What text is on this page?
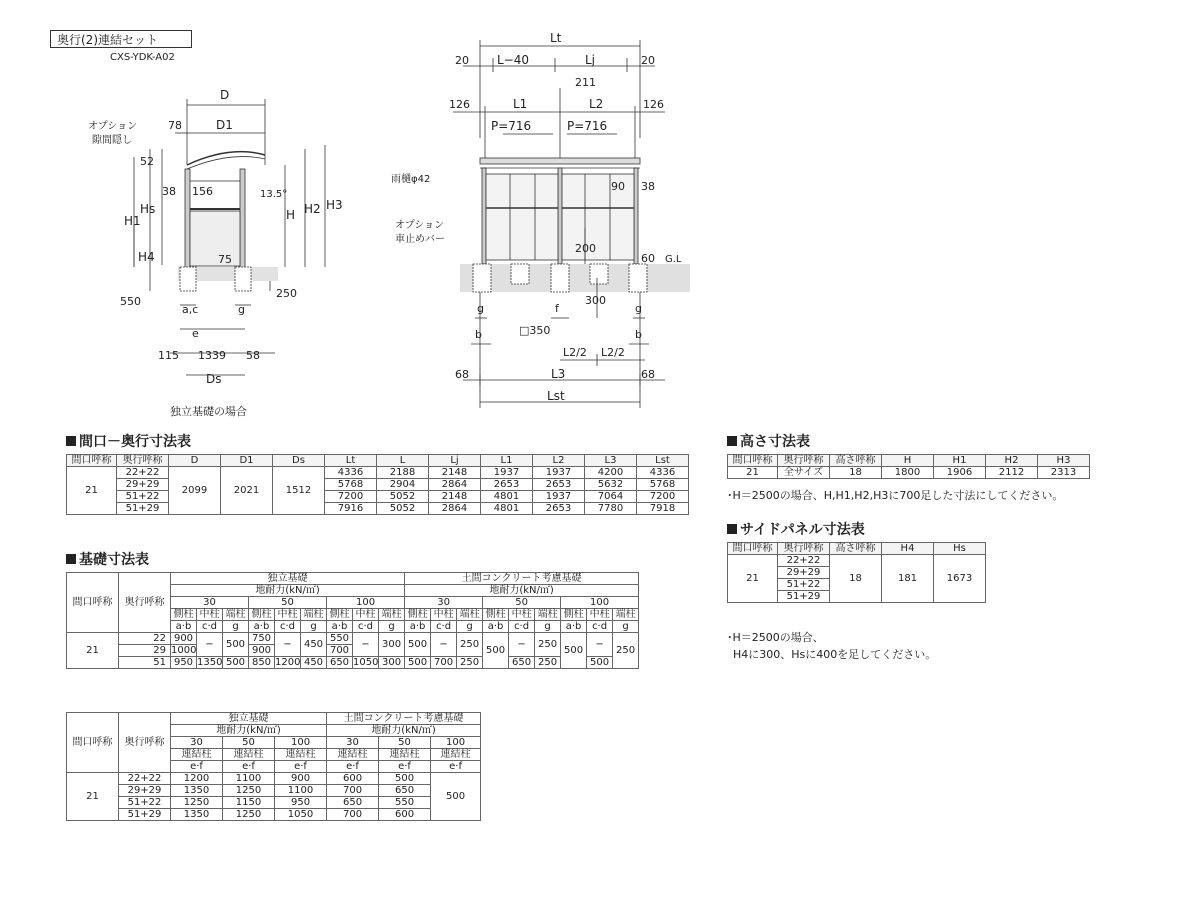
奥行(2)連結セット
CXS-YDK-A02
D
D1
78
オプション
隙間隠し
52
38 156	13.5°
H1
Hs	H H2 H3
H4	75
550
250
a,c	g
e
115 1339 58
Ds
独立基礎の場合
Lt
20 L−40	Lj	20
211
126	L1	L2	126
P=716	P=716
雨樋φ42
90 38
オプション
車止めバー
200
60 G.L
300
g	g
f
b	b
□350
L2/2 L2/2
68	L3	68
Lst
間口－奥行寸法表
間口呼称	奥行呼称	D	D1	Ds	Lt	L	Lj	L1	L2	L3	Lst
21	22+22	2099	2021	1512	4336	2188	2148	1937	1937	4200	4336
	29+29				5768	2904	2864	2653	2653	5632	5768
	51+22				7200	5052	2148	4801	1937	7064	7200
	51+29				7916	5052	2864	4801	2653	7780	7918
基礎寸法表
間口呼称	奥行呼称	独立基礎									土間コンクリート考慮基礎								
		地耐力(kN/㎡)									地耐力(kN/㎡)								
		30			50			100			30			50			100		
		側柱	中柱	端柱	側柱	中柱	端柱	側柱	中柱	端柱	側柱	中柱	端柱	側柱	中柱	端柱	側柱	中柱	端柱
		a·b	c·d	g	a·b	c·d	g	a·b	c·d	g	a·b	c·d	g	a·b	c·d	g	a·b	c·d	g
21	22	900	−	500	750	−	450	550	−	300	500	−	250	500	−	250	500	−	250
	29	1000			900			700											
	51	950	1350	500	850	1200	450	650	1050	300	500	700	250		650	250		500	
間口呼称	奥行呼称	独立基礎			土間コンクリート考慮基礎		
		地耐力(kN/㎡)			地耐力(kN/㎡)		
		30	50	100	30	50	100
		連結柱	連結柱	連結柱	連結柱	連結柱	連結柱
		e·f	e·f	e·f	e·f	e·f	e·f
21	22+22	1200	1100	900	600	500	500
	29+29	1350	1250	1100	700	650	
	51+22	1250	1150	950	650	550	
	51+29	1350	1250	1050	700	600	
高さ寸法表
間口呼称	奥行呼称	高さ呼称	H	H1	H2	H3
21	全サイズ	18	1800	1906	2112	2313
･H＝2500の場合、H,H1,H2,H3に700足した寸法にしてください。
サイドパネル寸法表
間口呼称	奥行呼称	高さ呼称	H4	Hs
21	22+22	18	181	1673
	29+29			
	51+22			
	51+29			
･H＝2500の場合、
H4に300、Hsに400を足してください。
